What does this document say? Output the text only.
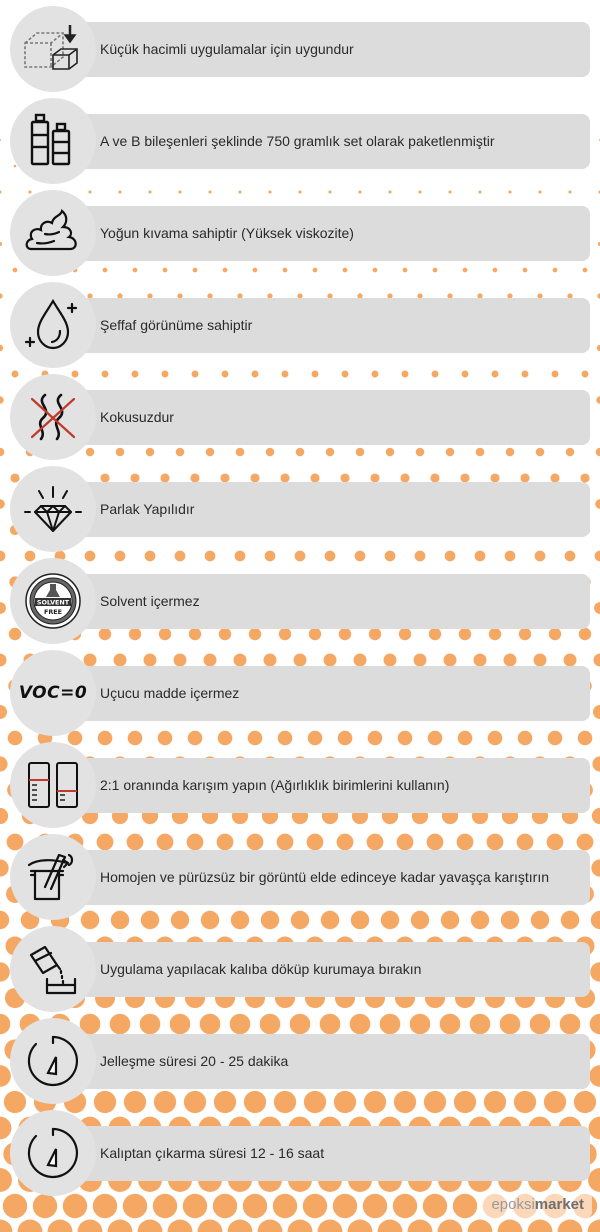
Küçük hacimli uygulamalar için uygundur
A ve B bileşenleri şeklinde 750 gramlık set olarak paketlenmiştir
Yoğun kıvama sahiptir (Yüksek viskozite)
Şeffaf görünüme sahiptir
Kokusuzdur
Parlak Yapılıdır
Solvent içermez
SOLVENT
FREE
Uçucu madde içermez
VOC=0
2:1 oranında karışım yapın (Ağırlıklık birimlerini kullanın)
Homojen ve pürüzsüz bir görüntü elde edinceye kadar yavaşça karıştırın
Uygulama yapılacak kalıba döküp kurumaya bırakın
Jelleşme süresi 20 - 25 dakika
Kalıptan çıkarma süresi 12 - 16 saat
epoksimarket
